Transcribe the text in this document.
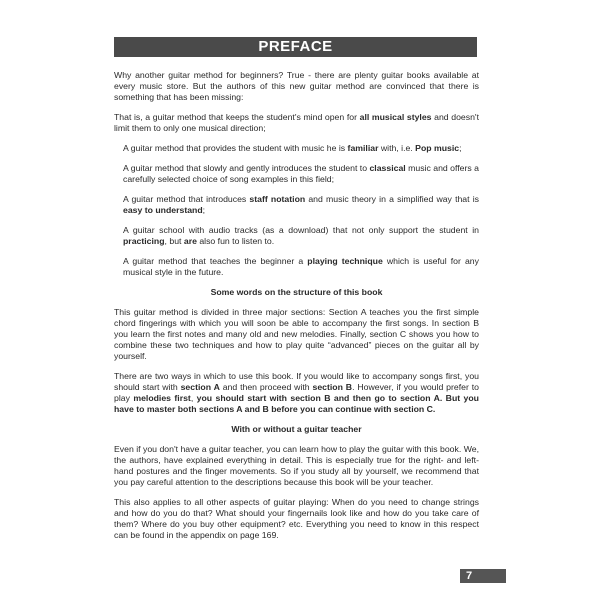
PREFACE

Why another guitar method for beginners? True - there are plenty guitar books available at every music store. But the authors of this new guitar method are convinced that there is something that has been missing:

That is, a guitar method that keeps the student's mind open for all musical styles and doesn't limit them to only one musical direction;

A guitar method that provides the student with music he is familiar with, i.e. Pop music;

A guitar method that slowly and gently introduces the student to classical music and offers a carefully selected choice of song examples in this field;

A guitar method that introduces staff notation and music theory in a simplified way that is easy to understand;

A guitar school with audio tracks (as a download) that not only support the student in practicing, but are also fun to listen to.

A guitar method that teaches the beginner a playing technique which is useful for any musical style in the future.

Some words on the structure of this book

This guitar method is divided in three major sections: Section A teaches you the first simple chord fingerings with which you will soon be able to accompany the first songs. In section B you learn the first notes and many old and new melodies. Finally, section C shows you how to combine these two techniques and how to play quite “advanced” pieces on the guitar all by yourself.

There are two ways in which to use this book. If you would like to accompany songs first, you should start with section A and then proceed with section B. However, if you would prefer to play melodies first, you should start with section B and then go to section A. But you have to master both sections A and B before you can continue with section C.

With or without a guitar teacher

Even if you don't have a guitar teacher, you can learn how to play the guitar with this book. We, the authors, have explained everything in detail. This is especially true for the right- and left-hand postures and the finger movements. So if you study all by yourself, we recommend that you pay careful attention to the descriptions because this book will be your teacher.

This also applies to all other aspects of guitar playing: When do you need to change strings and how do you do that? What should your fingernails look like and how do you take care of them? Where do you buy other equipment? etc. Everything you need to know in this respect can be found in the appendix on page 169.

7
